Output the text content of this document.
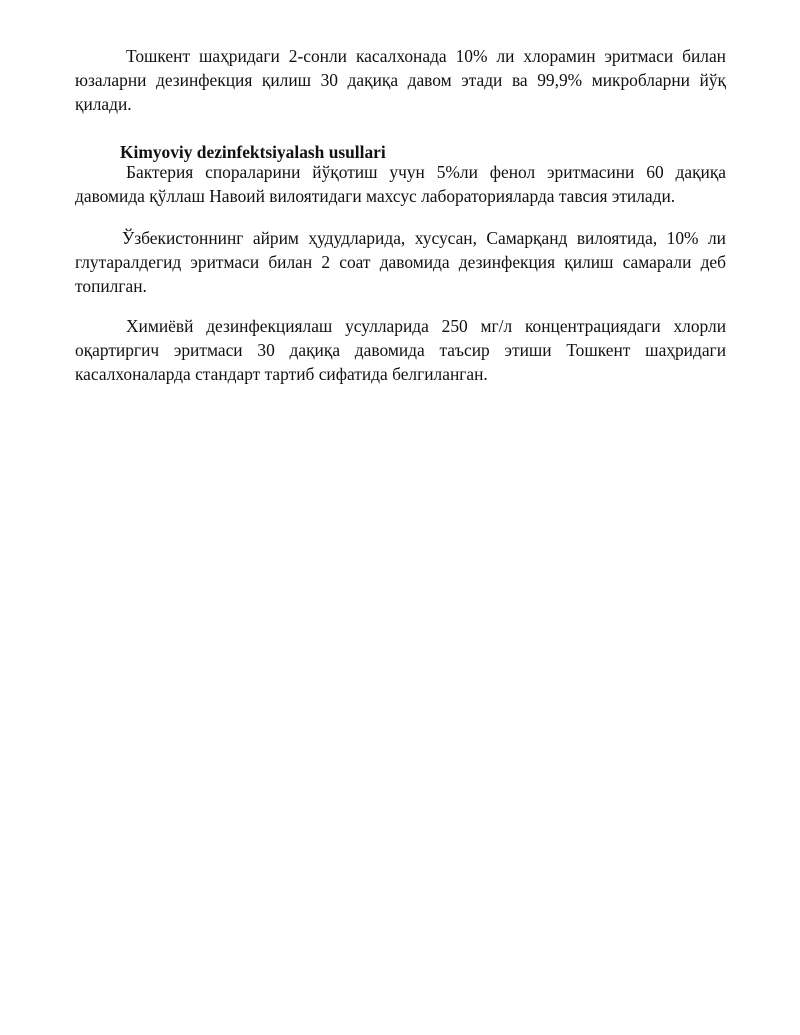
Тошкент шаҳридаги 2-сонли касалхонада 10% ли хлорамин эритмаси билан юзаларни дезинфекция қилиш 30 дақиқа давом этади ва 99,9% микробларни йўқ қилади.

Kimyoviy dezinfektsiyalash usullari

Бактерия спораларини йўқотиш учун 5%ли фенол эритмасини 60 дақиқа давомида қўллаш Навоий вилоятидаги махсус лабораторияларда тавсия этилади.

Ўзбекистоннинг айрим ҳудудларида, хусусан, Самарқанд вилоятида, 10% ли глутаралдегид эритмаси билан 2 соат давомида дезинфекция қилиш самарали деб топилган.

Химиёвй дезинфекциялаш усулларида 250 мг/л концентрациядаги хлорли оқартиргич эритмаси 30 дақиқа давомида таъсир этиши Тошкент шаҳридаги касалхоналарда стандарт тартиб сифатида белгиланган.
